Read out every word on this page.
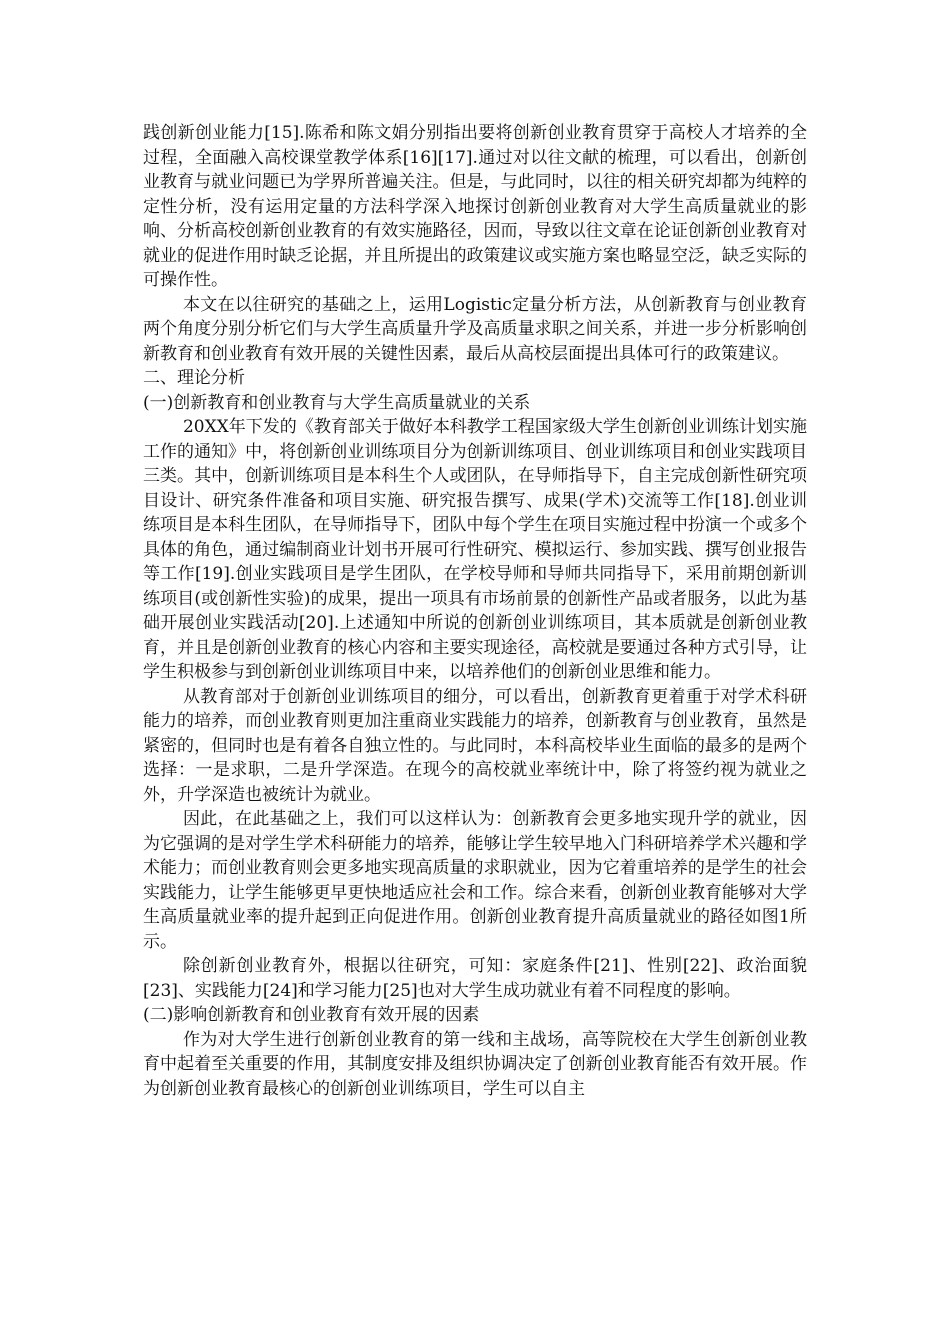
践创新创业能力[15].陈希和陈文娟分别指出要将创新创业教育贯穿于高校人才培养的全过程，全面融入高校课堂教学体系[16][17].通过对以往文献的梳理，可以看出，创新创业教育与就业问题已为学界所普遍关注。但是，与此同时，以往的相关研究却都为纯粹的定性分析，没有运用定量的方法科学深入地探讨创新创业教育对大学生高质量就业的影响、分析高校创新创业教育的有效实施路径，因而，导致以往文章在论证创新创业教育对就业的促进作用时缺乏论据，并且所提出的政策建议或实施方案也略显空泛，缺乏实际的可操作性。

本文在以往研究的基础之上，运用Logistic定量分析方法，从创新教育与创业教育两个角度分别分析它们与大学生高质量升学及高质量求职之间关系，并进一步分析影响创新教育和创业教育有效开展的关键性因素，最后从高校层面提出具体可行的政策建议。

二、理论分析

(一)创新教育和创业教育与大学生高质量就业的关系

20XX年下发的《教育部关于做好本科教学工程国家级大学生创新创业训练计划实施工作的通知》中，将创新创业训练项目分为创新训练项目、创业训练项目和创业实践项目三类。其中，创新训练项目是本科生个人或团队，在导师指导下，自主完成创新性研究项目设计、研究条件准备和项目实施、研究报告撰写、成果(学术)交流等工作[18].创业训练项目是本科生团队，在导师指导下，团队中每个学生在项目实施过程中扮演一个或多个具体的角色，通过编制商业计划书开展可行性研究、模拟运行、参加实践、撰写创业报告等工作[19].创业实践项目是学生团队，在学校导师和导师共同指导下，采用前期创新训练项目(或创新性实验)的成果，提出一项具有市场前景的创新性产品或者服务，以此为基础开展创业实践活动[20].上述通知中所说的创新创业训练项目，其本质就是创新创业教育，并且是创新创业教育的核心内容和主要实现途径，高校就是要通过各种方式引导，让学生积极参与到创新创业训练项目中来，以培养他们的创新创业思维和能力。

从教育部对于创新创业训练项目的细分，可以看出，创新教育更着重于对学术科研能力的培养，而创业教育则更加注重商业实践能力的培养，创新教育与创业教育，虽然是紧密的，但同时也是有着各自独立性的。与此同时，本科高校毕业生面临的最多的是两个选择：一是求职，二是升学深造。在现今的高校就业率统计中，除了将签约视为就业之外，升学深造也被统计为就业。

因此，在此基础之上，我们可以这样认为：创新教育会更多地实现升学的就业，因为它强调的是对学生学术科研能力的培养，能够让学生较早地入门科研培养学术兴趣和学术能力；而创业教育则会更多地实现高质量的求职就业，因为它着重培养的是学生的社会实践能力，让学生能够更早更快地适应社会和工作。综合来看，创新创业教育能够对大学生高质量就业率的提升起到正向促进作用。创新创业教育提升高质量就业的路径如图1所示。

除创新创业教育外，根据以往研究，可知：家庭条件[21]、性别[22]、政治面貌[23]、实践能力[24]和学习能力[25]也对大学生成功就业有着不同程度的影响。

(二)影响创新教育和创业教育有效开展的因素

作为对大学生进行创新创业教育的第一线和主战场，高等院校在大学生创新创业教育中起着至关重要的作用，其制度安排及组织协调决定了创新创业教育能否有效开展。作为创新创业教育最核心的创新创业训练项目，学生可以自主
